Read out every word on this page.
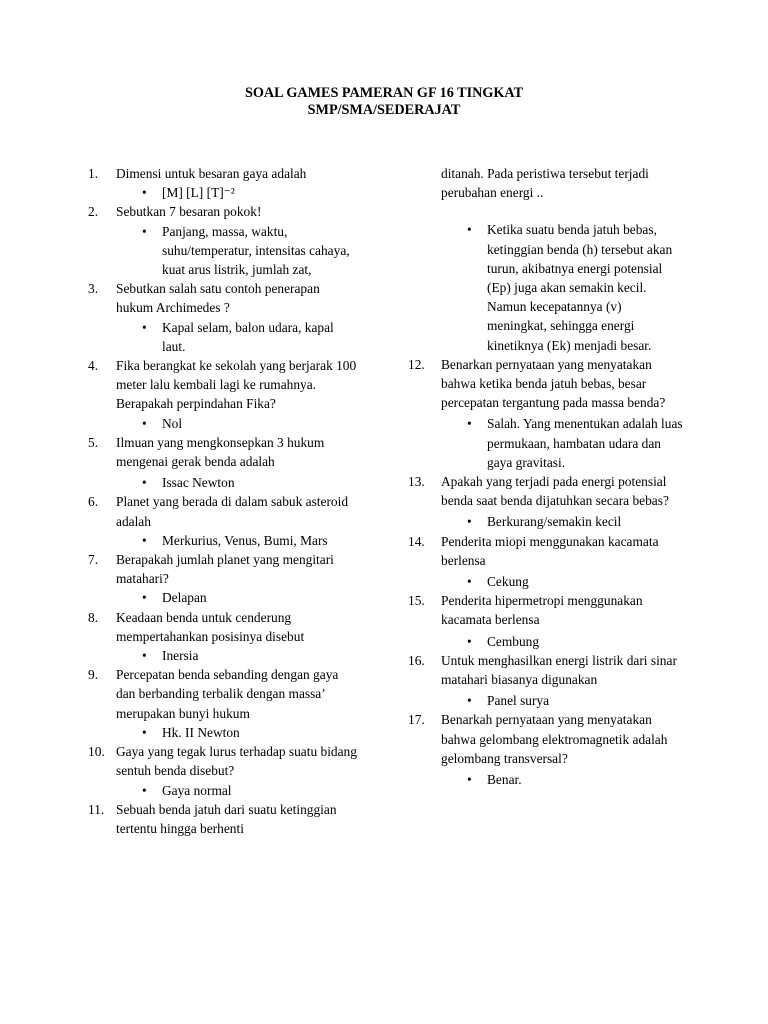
SOAL GAMES PAMERAN GF 16 TINGKAT
SMP/SMA/SEDERAJAT
1. Dimensi untuk besaran gaya adalah
• [M] [L] [T]⁻²
2. Sebutkan 7 besaran pokok!
• Panjang, massa, waktu, suhu/temperatur, intensitas cahaya, kuat arus listrik, jumlah zat,
3. Sebutkan salah satu contoh penerapan hukum Archimedes ?
• Kapal selam, balon udara, kapal laut.
4. Fika berangkat ke sekolah yang berjarak 100 meter lalu kembali lagi ke rumahnya. Berapakah perpindahan Fika?
• Nol
5. Ilmuan yang mengkonsepkan 3 hukum mengenai gerak benda adalah
• Issac Newton
6. Planet yang berada di dalam sabuk asteroid adalah
• Merkurius, Venus, Bumi, Mars
7. Berapakah jumlah planet yang mengitari matahari?
• Delapan
8. Keadaan benda untuk cenderung mempertahankan posisinya disebut
• Inersia
9. Percepatan benda sebanding dengan gaya dan berbanding terbalik dengan massa’ merupakan bunyi hukum
• Hk. II Newton
10. Gaya yang tegak lurus terhadap suatu bidang sentuh benda disebut?
• Gaya normal
11. Sebuah benda jatuh dari suatu ketinggian tertentu hingga berhenti
ditanah. Pada peristiwa tersebut terjadi perubahan energi ..
• Ketika suatu benda jatuh bebas, ketinggian benda (h) tersebut akan turun, akibatnya energi potensial (Ep) juga akan semakin kecil. Namun kecepatannya (v) meningkat, sehingga energi kinetiknya (Ek) menjadi besar.
12. Benarkan pernyataan yang menyatakan bahwa ketika benda jatuh bebas, besar percepatan tergantung pada massa benda?
• Salah. Yang menentukan adalah luas permukaan, hambatan udara dan gaya gravitasi.
13. Apakah yang terjadi pada energi potensial benda saat benda dijatuhkan secara bebas?
• Berkurang/semakin kecil
14. Penderita miopi menggunakan kacamata berlensa
• Cekung
15. Penderita hipermetropi menggunakan kacamata berlensa
• Cembung
16. Untuk menghasilkan energi listrik dari sinar matahari biasanya digunakan
• Panel surya
17. Benarkah pernyataan yang menyatakan bahwa gelombang elektromagnetik adalah gelombang transversal?
• Benar.
